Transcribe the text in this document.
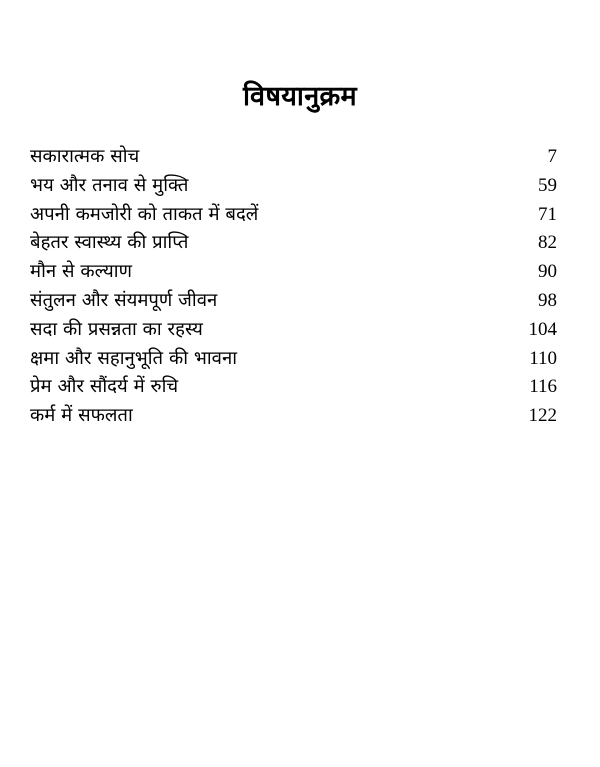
विषयानुक्रम
सकारात्मक सोच	7
भय और तनाव से मुक्ति	59
अपनी कमजोरी को ताकत में बदलें	71
बेहतर स्वास्थ्य की प्राप्ति	82
मौन से कल्याण	90
संतुलन और संयमपूर्ण जीवन	98
सदा की प्रसन्नता का रहस्य	104
क्षमा और सहानुभूति की भावना	110
प्रेम और सौंदर्य में रुचि	116
कर्म में सफलता	122
